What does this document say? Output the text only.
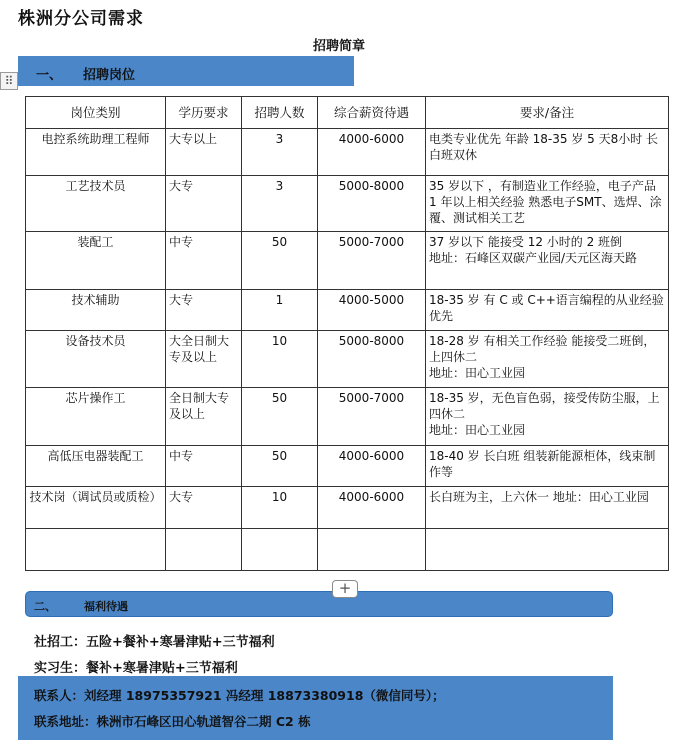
株洲分公司需求
招聘简章
一、 招聘岗位
⠿
岗位类别	学历要求	招聘人数	综合薪资待遇	要求/备注
电控系统助理工程师	大专以上	3	4000-6000	电类专业优先 年龄 18-35 岁 5 天8小时 长白班双休
工艺技术员	大专	3	5000-8000	35 岁以下 ，有制造业工作经验，电子产品 1 年以上相关经验 熟悉电子SMT、选焊、涂覆、测试相关工艺
装配工	中专	50	5000-7000	37 岁以下 能接受 12 小时的 2 班倒
地址：石峰区双碳产业园/天元区海天路
技术辅助	大专	1	4000-5000	18-35 岁 有 C 或 C++语言编程的从业经验优先
设备技术员	大全日制大专及以上	10	5000-8000	18-28 岁 有相关工作经验 能接受二班倒，上四休二
地址：田心工业园
芯片操作工	全日制大专及以上	50	5000-7000	18-35 岁，无色盲色弱，接受传防尘服，上四休二
地址：田心工业园
高低压电器装配工	中专	50	4000-6000	18-40 岁 长白班 组装新能源柜体，线束制作等
技术岗（调试员或质检）	大专	10	4000-6000	长白班为主，上六休一 地址：田心工业园

二、	福利待遇
+
社招工：五险+餐补+寒暑津贴+三节福利
实习生：餐补+寒暑津贴+三节福利
联系人：刘经理 18975357921 冯经理 18873380918（微信同号）；
联系地址：株洲市石峰区田心轨道智谷二期 C2 栋
